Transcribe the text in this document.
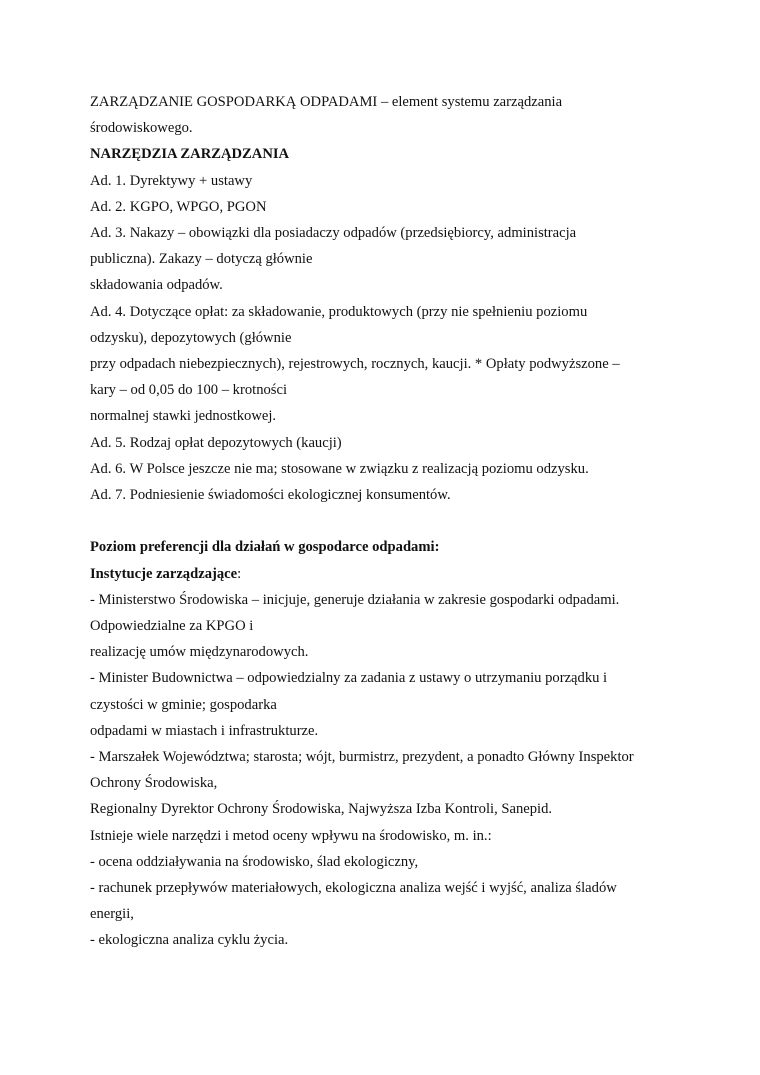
ZARZĄDZANIE GOSPODARKĄ ODPADAMI – element systemu zarządzania
środowiskowego.
NARZĘDZIA ZARZĄDZANIA
Ad. 1. Dyrektywy + ustawy
Ad. 2. KGPO, WPGO, PGON
Ad. 3. Nakazy – obowiązki dla posiadaczy odpadów (przedsiębiorcy, administracja
publiczna). Zakazy – dotyczą głównie
składowania odpadów.
Ad. 4. Dotyczące opłat: za składowanie, produktowych (przy nie spełnieniu poziomu
odzysku), depozytowych (głównie
przy odpadach niebezpiecznych), rejestrowych, rocznych, kaucji. * Opłaty podwyższone –
kary – od 0,05 do 100 – krotności
normalnej stawki jednostkowej.
Ad. 5. Rodzaj opłat depozytowych (kaucji)
Ad. 6. W Polsce jeszcze nie ma; stosowane w związku z realizacją poziomu odzysku.
Ad. 7. Podniesienie świadomości ekologicznej konsumentów.
Poziom preferencji dla działań w gospodarce odpadami:
Instytucje zarządzające:
- Ministerstwo Środowiska – inicjuje, generuje działania w zakresie gospodarki odpadami.
Odpowiedzialne za KPGO i
realizację umów międzynarodowych.
- Minister Budownictwa – odpowiedzialny za zadania z ustawy o utrzymaniu porządku i
czystości w gminie; gospodarka
odpadami w miastach i infrastrukturze.
- Marszałek Województwa; starosta; wójt, burmistrz, prezydent, a ponadto Główny Inspektor
Ochrony Środowiska,
Regionalny Dyrektor Ochrony Środowiska, Najwyższa Izba Kontroli, Sanepid.
Istnieje wiele narzędzi i metod oceny wpływu na środowisko, m. in.:
- ocena oddziaływania na środowisko, ślad ekologiczny,
- rachunek przepływów materiałowych, ekologiczna analiza wejść i wyjść, analiza śladów
energii,
- ekologiczna analiza cyklu życia.
